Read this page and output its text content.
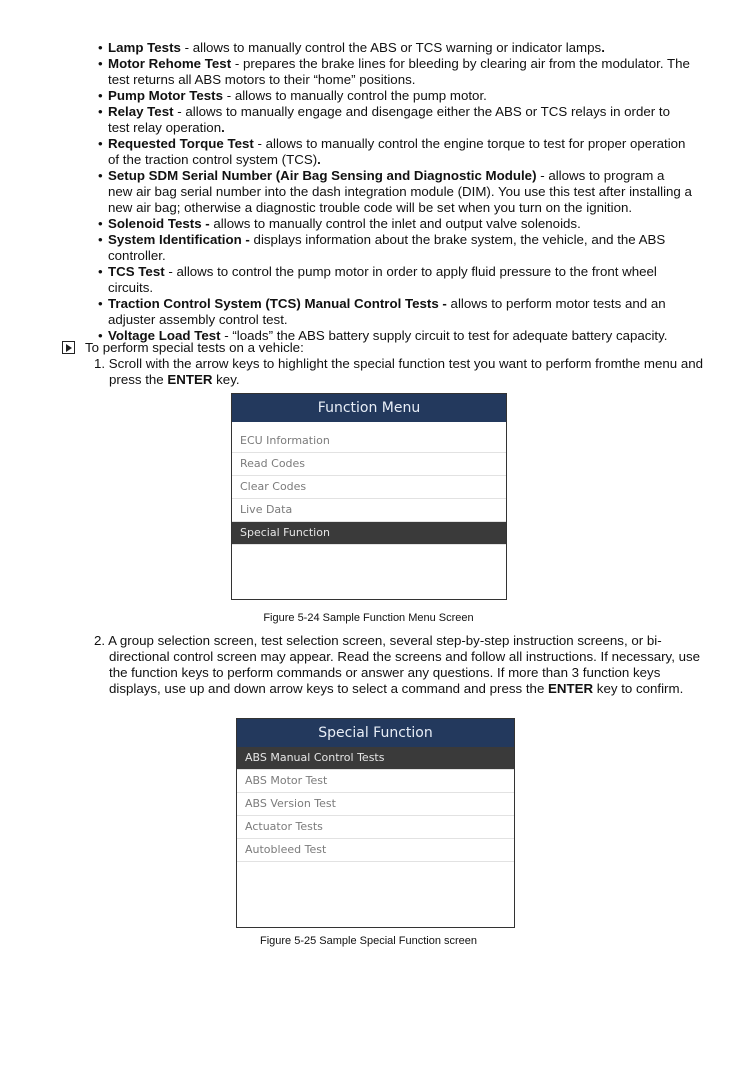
• Lamp Tests - allows to manually control the ABS or TCS warning or indicator lamps.
• Motor Rehome Test - prepares the brake lines for bleeding by clearing air from the modulator. The test returns all ABS motors to their “home” positions.
• Pump Motor Tests - allows to manually control the pump motor.
• Relay Test - allows to manually engage and disengage either the ABS or TCS relays in order to test relay operation.
• Requested Torque Test - allows to manually control the engine torque to test for proper operation of the traction control system (TCS).
• Setup SDM Serial Number (Air Bag Sensing and Diagnostic Module) - allows to program a new air bag serial number into the dash integration module (DIM). You use this test after installing a new air bag; otherwise a diagnostic trouble code will be set when you turn on the ignition.
• Solenoid Tests - allows to manually control the inlet and output valve solenoids.
• System Identification - displays information about the brake system, the vehicle, and the ABS controller.
• TCS Test - allows to control the pump motor in order to apply fluid pressure to the front wheel circuits.
• Traction Control System (TCS) Manual Control Tests - allows to perform motor tests and an adjuster assembly control test.
• Voltage Load Test - “loads” the ABS battery supply circuit to test for adequate battery capacity.
To perform special tests on a vehicle:
1. Scroll with the arrow keys to highlight the special function test you want to perform fromthe menu and press the ENTER key.
Function Menu
ECU Information
Read Codes
Clear Codes
Live Data
Special Function
Figure 5-24 Sample Function Menu Screen
2. A group selection screen, test selection screen, several step-by-step instruction screens, or bi-directional control screen may appear. Read the screens and follow all instructions. If necessary, use the function keys to perform commands or answer any questions. If more than 3 function keys displays, use up and down arrow keys to select a command and press the ENTER key to confirm.
Special Function
ABS Manual Control Tests
ABS Motor Test
ABS Version Test
Actuator Tests
Autobleed Test
Figure 5-25 Sample Special Function screen
